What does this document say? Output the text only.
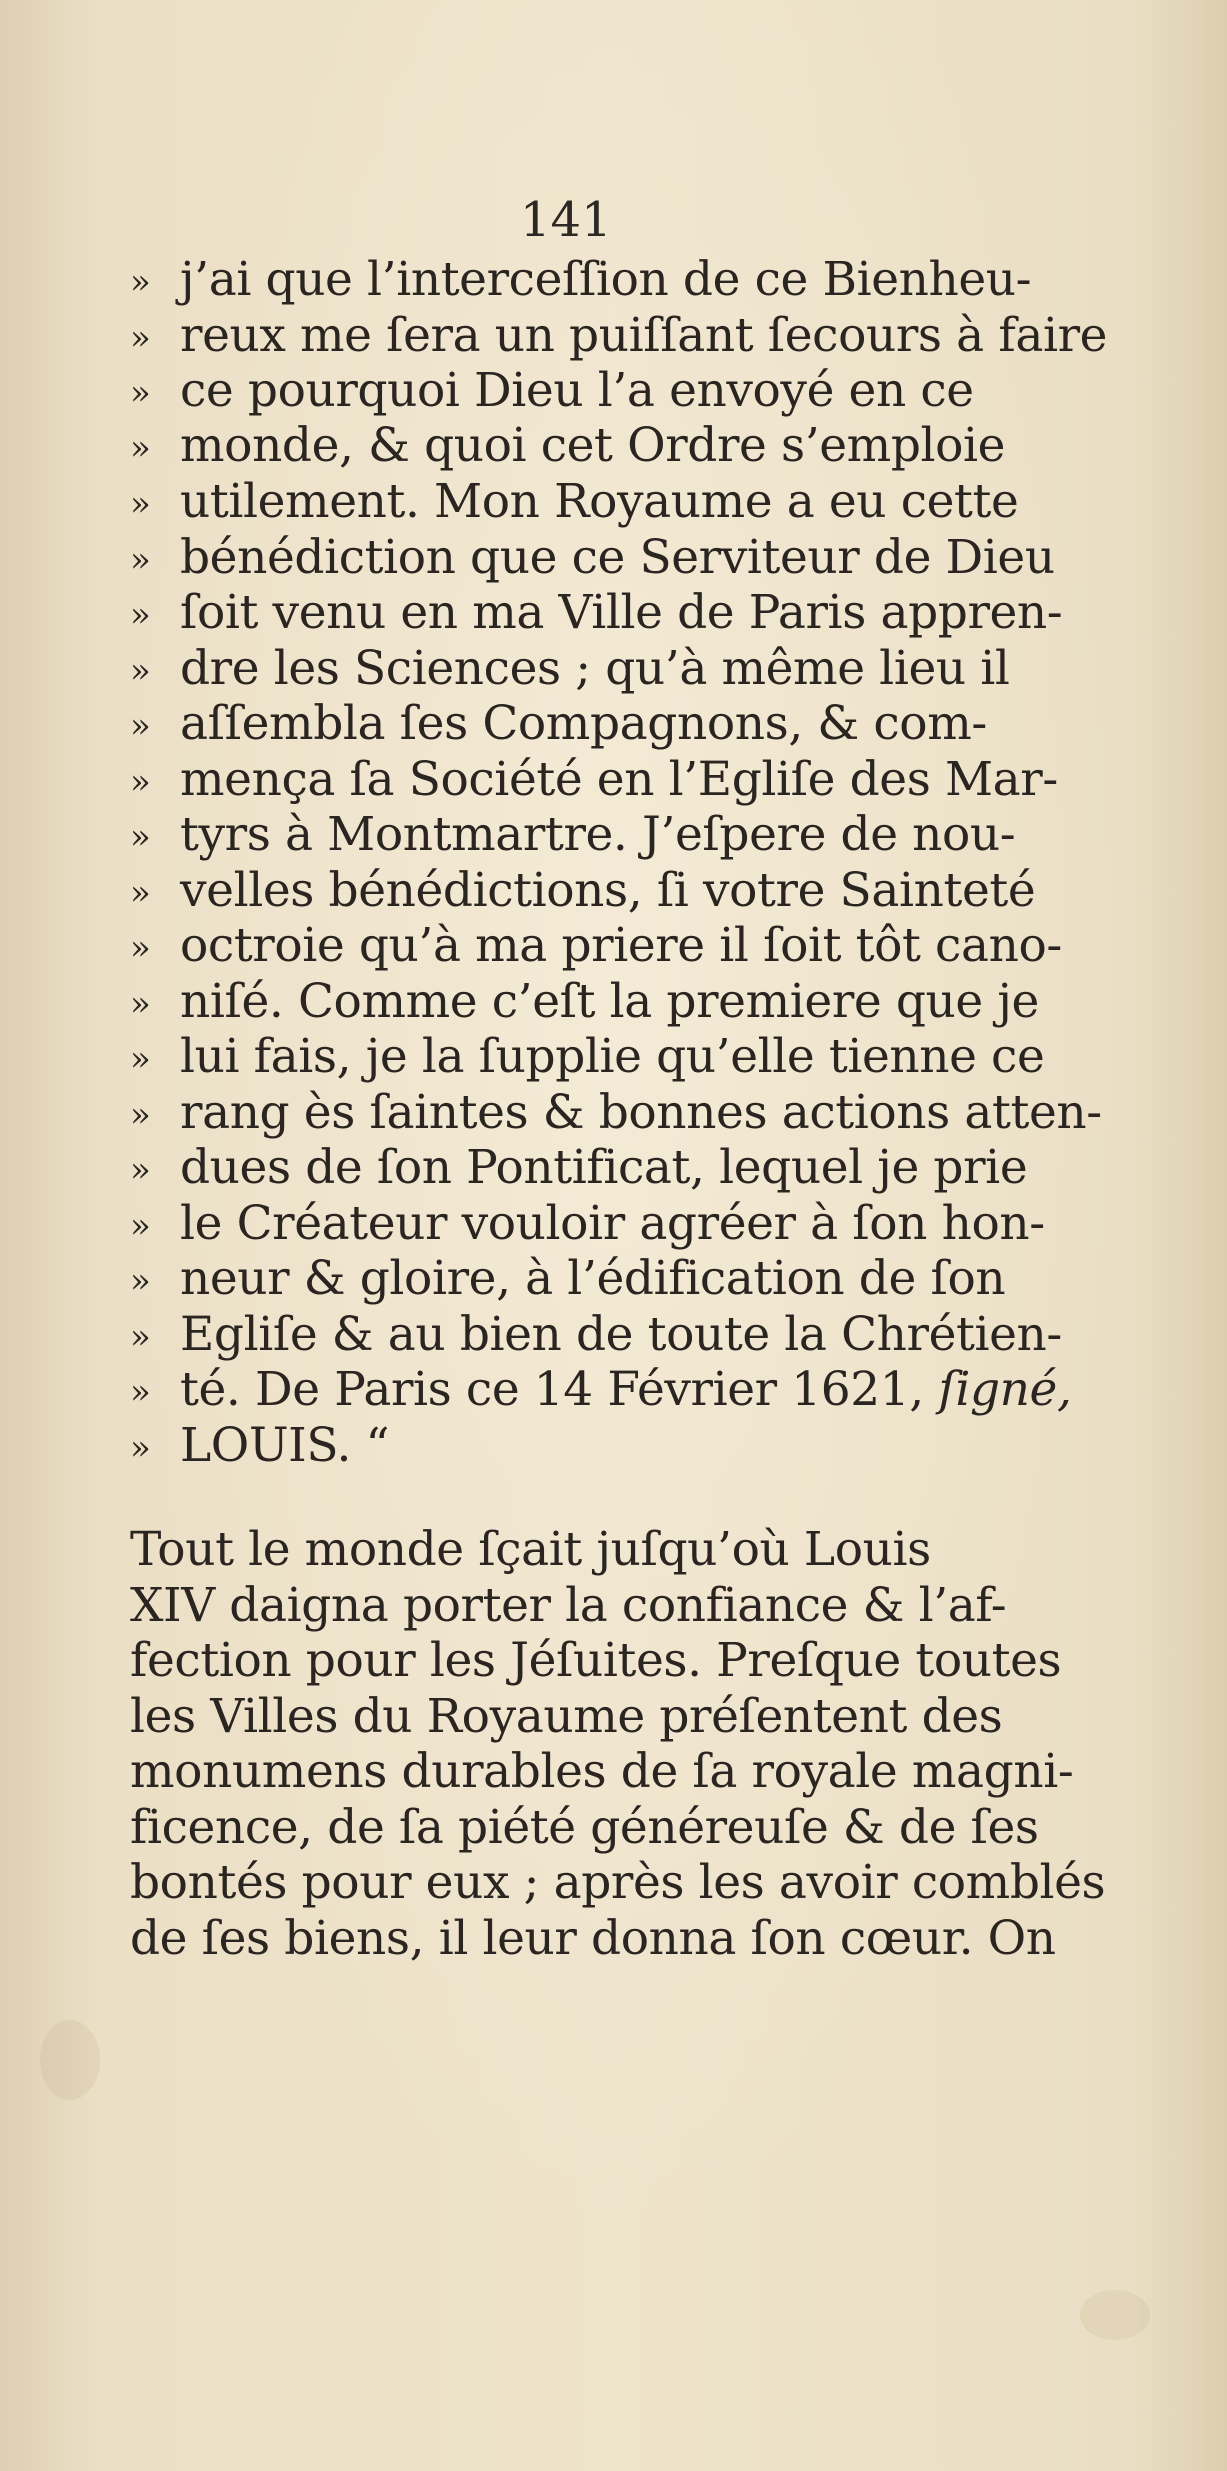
141
» j’ai que l’interceſſion de ce Bienheu-
» reux me ſera un puiſſant ſecours à faire
» ce pourquoi Dieu l’a envoyé en ce
» monde, & quoi cet Ordre s’emploie
» utilement. Mon Royaume a eu cette
» bénédiction que ce Serviteur de Dieu
» ſoit venu en ma Ville de Paris appren-
» dre les Sciences ; qu’à même lieu il
» aſſembla ſes Compagnons, & com-
» mença ſa Société en l’Egliſe des Mar-
» tyrs à Montmartre. J’eſpere de nou-
» velles bénédictions, ſi votre Sainteté
» octroie qu’à ma priere il ſoit tôt cano-
» niſé. Comme c’eſt la premiere que je
» lui fais, je la ſupplie qu’elle tienne ce
» rang ès ſaintes & bonnes actions atten-
» dues de ſon Pontificat, lequel je prie
» le Créateur vouloir agréer à ſon hon-
» neur & gloire, à l’édification de ſon
» Egliſe & au bien de toute la Chrétien-
» té. De Paris ce 14 Février 1621, ſigné,
» LOUIS. “
Tout le monde ſçait juſqu’où Louis
XIV daigna porter la confiance & l’af-
fection pour les Jéſuites. Preſque toutes
les Villes du Royaume préſentent des
monumens durables de ſa royale magni-
ficence, de ſa piété généreuſe & de ſes
bontés pour eux ; après les avoir comblés
de ſes biens, il leur donna ſon cœur. On
